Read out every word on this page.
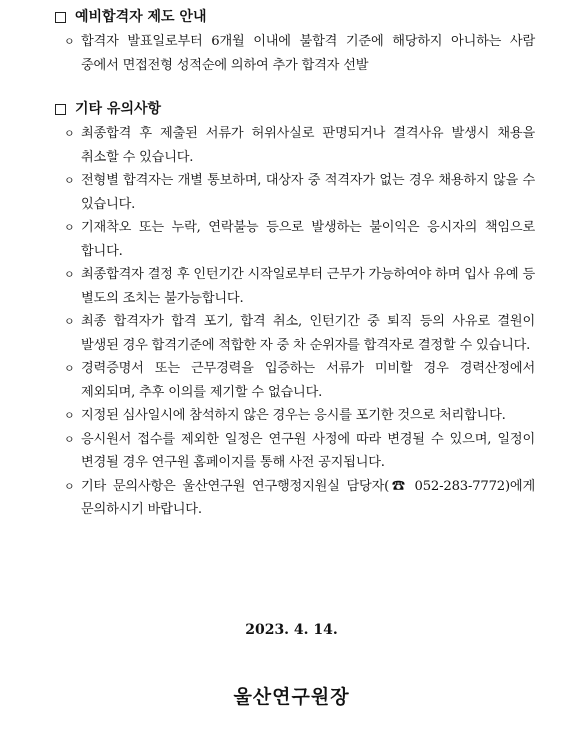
예비합격자 제도 안내
ㅇ 합격자 발표일로부터 6개월 이내에 불합격 기준에 해당하지 아니하는 사람 중에서 면접전형 성적순에 의하여 추가 합격자 선발
기타 유의사항
ㅇ 최종합격 후 제출된 서류가 허위사실로 판명되거나 결격사유 발생시 채용을 취소할 수 있습니다.
ㅇ 전형별 합격자는 개별 통보하며, 대상자 중 적격자가 없는 경우 채용하지 않을 수 있습니다.
ㅇ 기재착오 또는 누락, 연락불능 등으로 발생하는 불이익은 응시자의 책임으로 합니다.
ㅇ 최종합격자 결정 후 인턴기간 시작일로부터 근무가 가능하여야 하며 입사 유예 등 별도의 조치는 불가능합니다.
ㅇ 최종 합격자가 합격 포기, 합격 취소, 인턴기간 중 퇴직 등의 사유로 결원이 발생된 경우 합격기준에 적합한 자 중 차 순위자를 합격자로 결정할 수 있습니다.
ㅇ 경력증명서 또는 근무경력을 입증하는 서류가 미비할 경우 경력산정에서 제외되며, 추후 이의를 제기할 수 없습니다.
ㅇ 지정된 심사일시에 참석하지 않은 경우는 응시를 포기한 것으로 처리합니다.
ㅇ 응시원서 접수를 제외한 일정은 연구원 사정에 따라 변경될 수 있으며, 일정이 변경될 경우 연구원 홈페이지를 통해 사전 공지됩니다.
ㅇ 기타 문의사항은 울산연구원 연구행정지원실 담당자(☎ 052-283-7772)에게 문의하시기 바랍니다.
2023. 4. 14.
울산연구원장
